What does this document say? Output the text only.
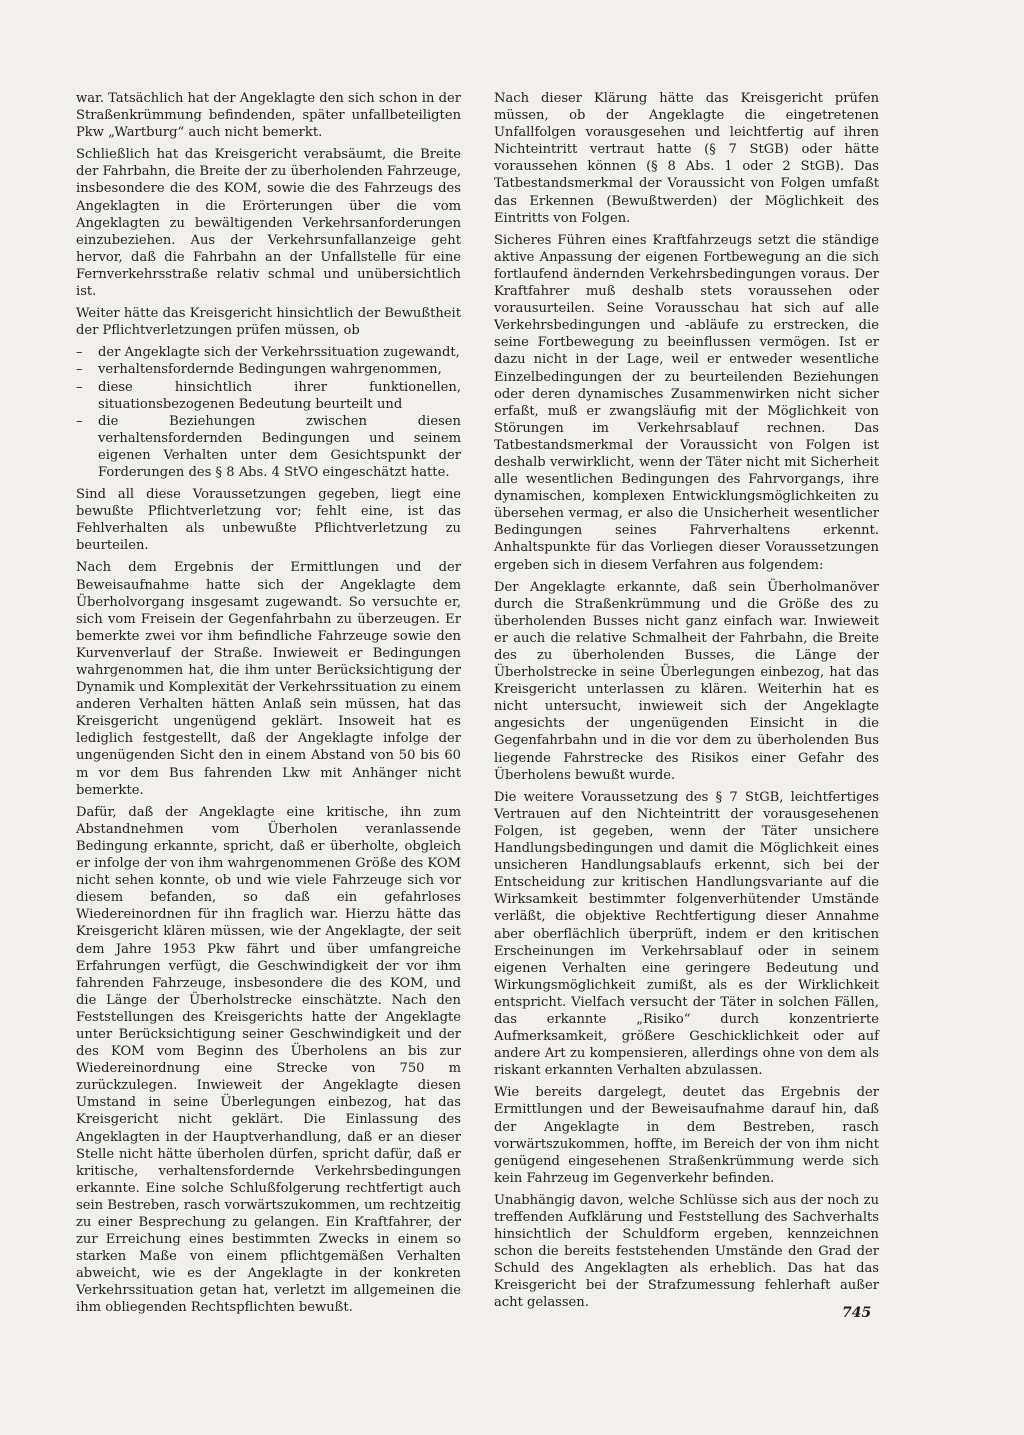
war. Tatsächlich hat der Angeklagte den sich schon in der Straßenkrümmung befindenden, später unfallbeteiligten Pkw „Wartburg“ auch nicht bemerkt.

Schließlich hat das Kreisgericht verabsäumt, die Breite der Fahrbahn, die Breite der zu überholenden Fahrzeuge, insbesondere die des KOM, sowie die des Fahrzeugs des Angeklagten in die Erörterungen über die vom Angeklagten zu bewältigenden Verkehrsanforderungen einzubeziehen. Aus der Verkehrsunfallanzeige geht hervor, daß die Fahrbahn an der Unfallstelle für eine Fernverkehrsstraße relativ schmal und unübersichtlich ist.

Weiter hätte das Kreisgericht hinsichtlich der Bewußtheit der Pflichtverletzungen prüfen müssen, ob

– der Angeklagte sich der Verkehrssituation zugewandt,
– verhaltensfordernde Bedingungen wahrgenommen,
– diese hinsichtlich ihrer funktionellen, situationsbezogenen Bedeutung beurteilt und
– die Beziehungen zwischen diesen verhaltensfordernden Bedingungen und seinem eigenen Verhalten unter dem Gesichtspunkt der Forderungen des § 8 Abs. 4 StVO eingeschätzt hatte.

Sind all diese Voraussetzungen gegeben, liegt eine bewußte Pflichtverletzung vor; fehlt eine, ist das Fehlverhalten als unbewußte Pflichtverletzung zu beurteilen.

Nach dem Ergebnis der Ermittlungen und der Beweisaufnahme hatte sich der Angeklagte dem Überholvorgang insgesamt zugewandt. So versuchte er, sich vom Freisein der Gegenfahrbahn zu überzeugen. Er bemerkte zwei vor ihm befindliche Fahrzeuge sowie den Kurvenverlauf der Straße. Inwieweit er Bedingungen wahrgenommen hat, die ihm unter Berücksichtigung der Dynamik und Komplexität der Verkehrssituation zu einem anderen Verhalten hätten Anlaß sein müssen, hat das Kreisgericht ungenügend geklärt. Insoweit hat es lediglich festgestellt, daß der Angeklagte infolge der ungenügenden Sicht den in einem Abstand von 50 bis 60 m vor dem Bus fahrenden Lkw mit Anhänger nicht bemerkte.

Dafür, daß der Angeklagte eine kritische, ihn zum Abstandnehmen vom Überholen veranlassende Bedingung erkannte, spricht, daß er überholte, obgleich er infolge der von ihm wahrgenommenen Größe des KOM nicht sehen konnte, ob und wie viele Fahrzeuge sich vor diesem befanden, so daß ein gefahrloses Wiedereinordnen für ihn fraglich war. Hierzu hätte das Kreisgericht klären müssen, wie der Angeklagte, der seit dem Jahre 1953 Pkw fährt und über umfangreiche Erfahrungen verfügt, die Geschwindigkeit der vor ihm fahrenden Fahrzeuge, insbesondere die des KOM, und die Länge der Überholstrecke einschätzte. Nach den Feststellungen des Kreisgerichts hatte der Angeklagte unter Berücksichtigung seiner Geschwindigkeit und der des KOM vom Beginn des Überholens an bis zur Wiedereinordnung eine Strecke von 750 m zurückzulegen. Inwieweit der Angeklagte diesen Umstand in seine Überlegungen einbezog, hat das Kreisgericht nicht geklärt. Die Einlassung des Angeklagten in der Hauptverhandlung, daß er an dieser Stelle nicht hätte überholen dürfen, spricht dafür, daß er kritische, verhaltensfordernde Verkehrsbedingungen erkannte. Eine solche Schlußfolgerung rechtfertigt auch sein Bestreben, rasch vorwärtszukommen, um rechtzeitig zu einer Besprechung zu gelangen. Ein Kraftfahrer, der zur Erreichung eines bestimmten Zwecks in einem so starken Maße von einem pflichtgemäßen Verhalten abweicht, wie es der Angeklagte in der konkreten Verkehrssituation getan hat, verletzt im allgemeinen die ihm obliegenden Rechtspflichten bewußt.

Nach dieser Klärung hätte das Kreisgericht prüfen müssen, ob der Angeklagte die eingetretenen Unfallfolgen vorausgesehen und leichtfertig auf ihren Nichteintritt vertraut hatte (§ 7 StGB) oder hätte voraussehen können (§ 8 Abs. 1 oder 2 StGB). Das Tatbestandsmerkmal der Voraussicht von Folgen umfaßt das Erkennen (Bewußtwerden) der Möglichkeit des Eintritts von Folgen.

Sicheres Führen eines Kraftfahrzeugs setzt die ständige aktive Anpassung der eigenen Fortbewegung an die sich fortlaufend ändernden Verkehrsbedingungen voraus. Der Kraftfahrer muß deshalb stets voraussehen oder vorausurteilen. Seine Vorausschau hat sich auf alle Verkehrsbedingungen und -abläufe zu erstrecken, die seine Fortbewegung zu beeinflussen vermögen. Ist er dazu nicht in der Lage, weil er entweder wesentliche Einzelbedingungen der zu beurteilenden Beziehungen oder deren dynamisches Zusammenwirken nicht sicher erfaßt, muß er zwangsläufig mit der Möglichkeit von Störungen im Verkehrsablauf rechnen. Das Tatbestandsmerkmal der Voraussicht von Folgen ist deshalb verwirklicht, wenn der Täter nicht mit Sicherheit alle wesentlichen Bedingungen des Fahrvorgangs, ihre dynamischen, komplexen Entwicklungsmöglichkeiten zu übersehen vermag, er also die Unsicherheit wesentlicher Bedingungen seines Fahrverhaltens erkennt. Anhaltspunkte für das Vorliegen dieser Voraussetzungen ergeben sich in diesem Verfahren aus folgendem:

Der Angeklagte erkannte, daß sein Überholmanöver durch die Straßenkrümmung und die Größe des zu überholenden Busses nicht ganz einfach war. Inwieweit er auch die relative Schmalheit der Fahrbahn, die Breite des zu überholenden Busses, die Länge der Überholstrecke in seine Überlegungen einbezog, hat das Kreisgericht unterlassen zu klären. Weiterhin hat es nicht untersucht, inwieweit sich der Angeklagte angesichts der ungenügenden Einsicht in die Gegenfahrbahn und in die vor dem zu überholenden Bus liegende Fahrstrecke des Risikos einer Gefahr des Überholens bewußt wurde.

Die weitere Voraussetzung des § 7 StGB, leichtfertiges Vertrauen auf den Nichteintritt der vorausgesehenen Folgen, ist gegeben, wenn der Täter unsichere Handlungsbedingungen und damit die Möglichkeit eines unsicheren Handlungsablaufs erkennt, sich bei der Entscheidung zur kritischen Handlungsvariante auf die Wirksamkeit bestimmter folgenverhütender Umstände verläßt, die objektive Rechtfertigung dieser Annahme aber oberflächlich überprüft, indem er den kritischen Erscheinungen im Verkehrsablauf oder in seinem eigenen Verhalten eine geringere Bedeutung und Wirkungsmöglichkeit zumißt, als es der Wirklichkeit entspricht. Vielfach versucht der Täter in solchen Fällen, das erkannte „Risiko“ durch konzentrierte Aufmerksamkeit, größere Geschicklichkeit oder auf andere Art zu kompensieren, allerdings ohne von dem als riskant erkannten Verhalten abzulassen.

Wie bereits dargelegt, deutet das Ergebnis der Ermittlungen und der Beweisaufnahme darauf hin, daß der Angeklagte in dem Bestreben, rasch vorwärtszukommen, hoffte, im Bereich der von ihm nicht genügend eingesehenen Straßenkrümmung werde sich kein Fahrzeug im Gegenverkehr befinden.

Unabhängig davon, welche Schlüsse sich aus der noch zu treffenden Aufklärung und Feststellung des Sachverhalts hinsichtlich der Schuldform ergeben, kennzeichnen schon die bereits feststehenden Umstände den Grad der Schuld des Angeklagten als erheblich. Das hat das Kreisgericht bei der Strafzumessung fehlerhaft außer acht gelassen.

745
